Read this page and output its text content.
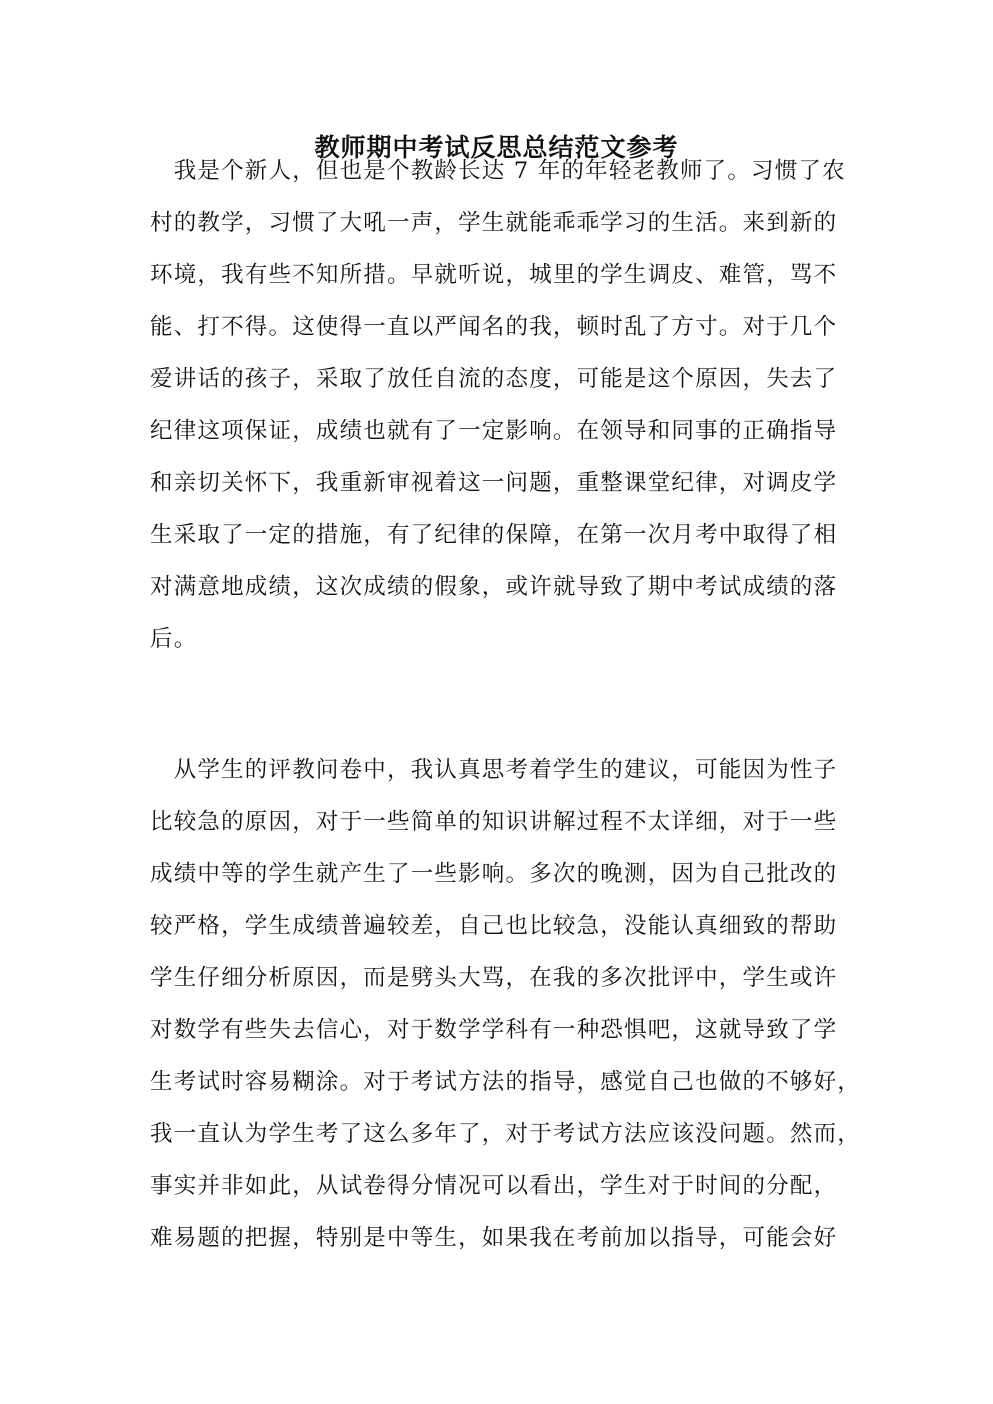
教师期中考试反思总结范文参考
　我是个新人，但也是个教龄长达 7 年的年轻老教师了。习惯了农
村的教学，习惯了大吼一声，学生就能乖乖学习的生活。来到新的
环境，我有些不知所措。早就听说，城里的学生调皮、难管，骂不
能、打不得。这使得一直以严闻名的我，顿时乱了方寸。对于几个
爱讲话的孩子，采取了放任自流的态度，可能是这个原因，失去了
纪律这项保证，成绩也就有了一定影响。在领导和同事的正确指导
和亲切关怀下，我重新审视着这一问题，重整课堂纪律，对调皮学
生采取了一定的措施，有了纪律的保障，在第一次月考中取得了相
对满意地成绩，这次成绩的假象，或许就导致了期中考试成绩的落
后。
　从学生的评教问卷中，我认真思考着学生的建议，可能因为性子
比较急的原因，对于一些简单的知识讲解过程不太详细，对于一些
成绩中等的学生就产生了一些影响。多次的晚测，因为自己批改的
较严格，学生成绩普遍较差，自己也比较急，没能认真细致的帮助
学生仔细分析原因，而是劈头大骂，在我的多次批评中，学生或许
对数学有些失去信心，对于数学学科有一种恐惧吧，这就导致了学
生考试时容易糊涂。对于考试方法的指导，感觉自己也做的不够好，
我一直认为学生考了这么多年了，对于考试方法应该没问题。然而，
事实并非如此，从试卷得分情况可以看出，学生对于时间的分配，
难易题的把握，特别是中等生，如果我在考前加以指导，可能会好
